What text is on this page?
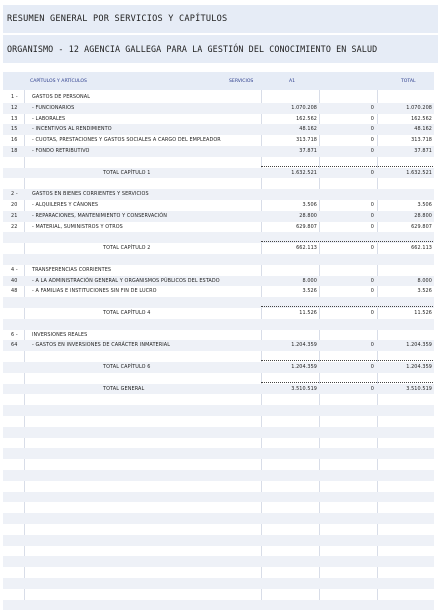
RESUMEN GENERAL POR SERVICIOS Y CAPÍTULOS
ORGANISMO - 12 AGENCIA GALLEGA PARA LA GESTIÓN DEL CONOCIMIENTO EN SALUD
CAPÍTULOS Y ARTÍCULOS	SERVICIOS	A1	TOTAL
1 -	GASTOS DE PERSONAL
12	- FUNCIONARIOS	1.070.208	0	1.070.208
13	- LABORALES	162.562	0	162.562
15	- INCENTIVOS AL RENDIMIENTO	48.162	0	48.162
16	- CUOTAS, PRESTACIONES Y GASTOS SOCIALES A CARGO DEL EMPLEADOR	313.718	0	313.718
18	- FONDO RETRIBUTIVO	37.871	0	37.871
TOTAL CAPÍTULO 1	1.632.521	0	1.632.521
2 -	GASTOS EN BIENES CORRIENTES Y SERVICIOS
20	- ALQUILERES Y CÁNONES	3.506	0	3.506
21	- REPARACIONES, MANTENIMIENTO Y CONSERVACIÓN	28.800	0	28.800
22	- MATERIAL, SUMINISTROS Y OTROS	629.807	0	629.807
TOTAL CAPÍTULO 2	662.113	0	662.113
4 -	TRANSFERENCIAS CORRIENTES
40	- A LA ADMINISTRACIÓN GENERAL Y ORGANISMOS PÚBLICOS DEL ESTADO	8.000	0	8.000
48	- A FAMILIAS E INSTITUCIONES SIN FIN DE LUCRO	3.526	0	3.526
TOTAL CAPÍTULO 4	11.526	0	11.526
6 -	INVERSIONES REALES
64	- GASTOS EN INVERSIONES DE CARÁCTER INMATERIAL	1.204.359	0	1.204.359
TOTAL CAPÍTULO 6	1.204.359	0	1.204.359
TOTAL GENERAL	3.510.519	0	3.510.519
